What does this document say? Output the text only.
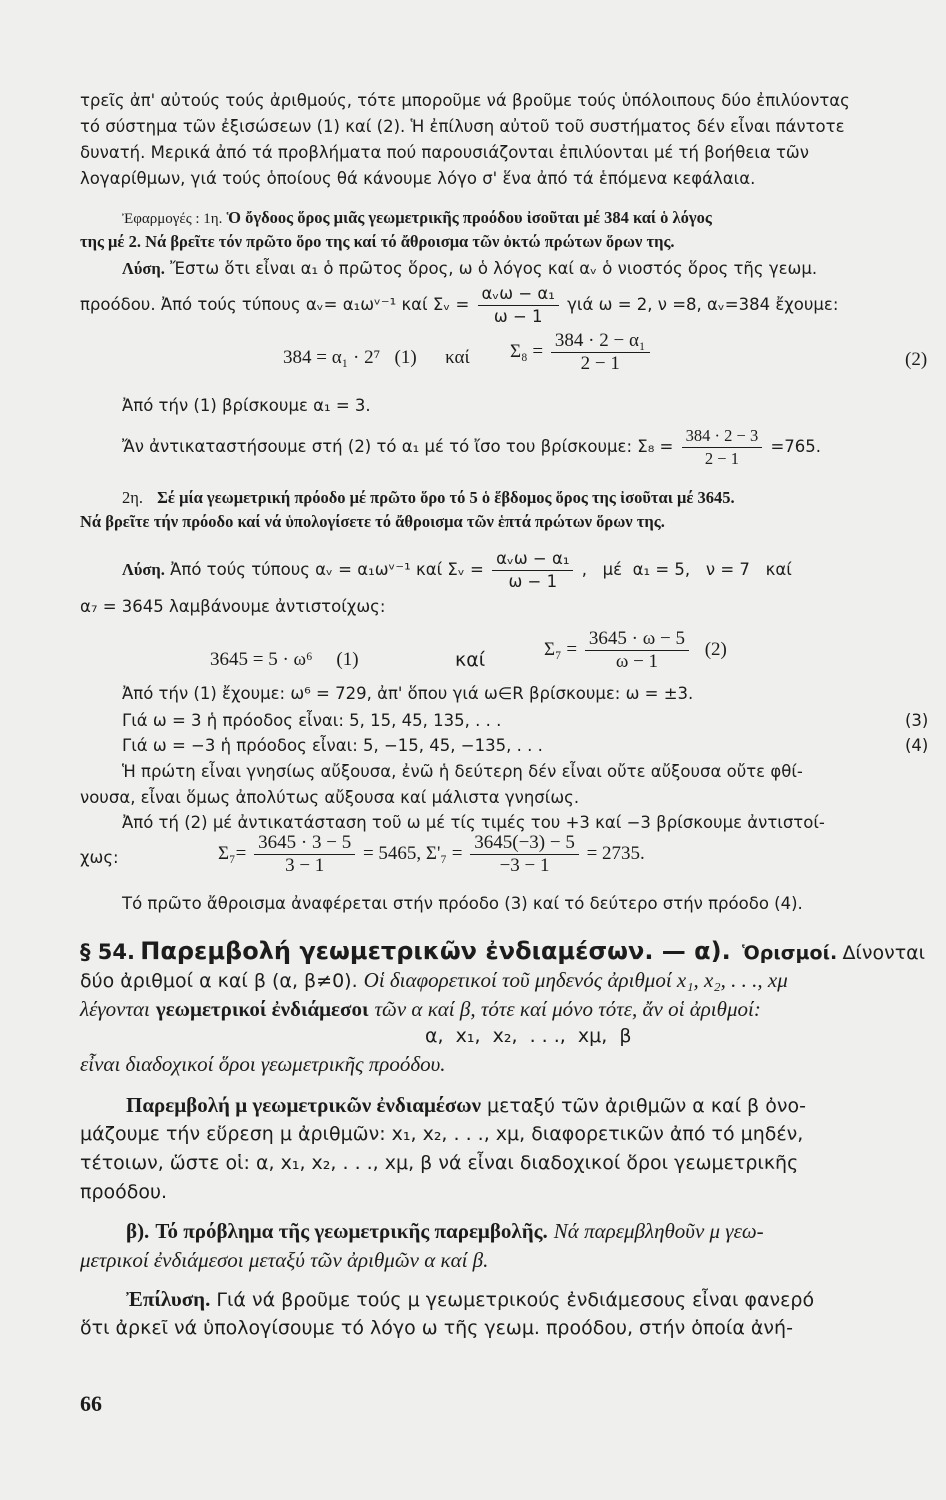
τρεῖς ἀπ' αὐτούς τούς ἀριθμούς, τότε μποροῦμε νά βροῦμε τούς ὑπόλοιπους δύο ἐπιλύοντας
τό σύστημα τῶν ἐξισώσεων (1) καί (2). Ἡ ἐπίλυση αὐτοῦ τοῦ συστήματος δέν εἶναι πάντοτε
δυνατή. Μερικά ἀπό τά προβλήματα πού παρουσιάζονται ἐπιλύονται μέ τή βοήθεια τῶν
λογαρίθμων, γιά τούς ὁποίους θά κάνουμε λόγο σ' ἕνα ἀπό τά ἑπόμενα κεφάλαια.
Ἐφαρμογές : 1η. Ὁ ὄγδοος ὅρος μιᾶς γεωμετρικῆς προόδου ἰσοῦται μέ 384 καί ὁ λόγος
της μέ 2. Νά βρεῖτε τόν πρῶτο ὅρο της καί τό ἄθροισμα τῶν ὀκτώ πρώτων ὅρων της.
Λύση. Ἔστω ὅτι εἶναι α₁ ὁ πρῶτος ὅρος, ω ὁ λόγος καί αᵥ ὁ νιοστός ὅρος τῆς γεωμ.
προόδου. Ἀπό τούς τύπους αᵥ= α₁ωᵛ⁻¹ καί Σᵥ = $\frac{\text{αᵥω − α₁}}{\omega - 1}$ γιά ω = 2, ν =8, αᵥ=384 ἔχουμε:
384 = α₁ · 2⁷   (1)      καί $\Sigma_8 = \frac{\text{384 · 2 − α₁}}{2 - 1}$	(2)
Ἀπό τήν (1) βρίσκουμε α₁ = 3.
Ἄν ἀντικαταστήσουμε στή (2) τό α₁ μέ τό ἴσο του βρίσκουμε: $\Sigma_8 = \frac{384 \cdot 2 - 3}{2 - 1} =765$.
2η. Σέ μία γεωμετρική πρόοδο μέ πρῶτο ὅρο τό 5 ὁ ἕβδομος ὅρος της ἰσοῦται μέ 3645.
Νά βρεῖτε τήν πρόοδο καί νά ὑπολογίσετε τό ἄθροισμα τῶν ἑπτά πρώτων ὅρων της.
Λύση. Ἀπό τούς τύπους αᵥ = α₁ωᵛ⁻¹ καί Σᵥ = $\frac{\text{αᵥω − α₁}}{\omega - 1}$ ,   μέ  α₁ = 5,   ν = 7   καί
α₇ = 3645 λαμβάνουμε ἀντιστοίχως:
3645 = 5 · ω⁶     (1)	καί	$\Sigma_7 = \frac{3645 \cdot \omega - 5}{\omega - 1} (2)$
Ἀπό τήν (1) ἔχουμε: ω⁶ = 729, ἀπ' ὅπου γιά ω∈R βρίσκουμε: ω = ±3.
Γιά ω = 3 ἡ πρόοδος εἶναι: 5, 15, 45, 135, . . .	(3)
Γιά ω = −3 ἡ πρόοδος εἶναι: 5, −15, 45, −135, . . .	(4)
Ἡ πρώτη εἶναι γνησίως αὔξουσα, ἐνῶ ἡ δεύτερη δέν εἶναι οὔτε αὔξουσα οὔτε φθί-
νουσα, εἶναι ὅμως ἀπολύτως αὔξουσα καί μάλιστα γνησίως.
Ἀπό τή (2) μέ ἀντικατάσταση τοῦ ω μέ τίς τιμές του +3 καί −3 βρίσκουμε ἀντιστοί-
χως:	$\Sigma_7= \frac{3645 \cdot 3 - 5}{3 - 1} = 5465$, $\Sigma'_7 = \frac{3645(-3) - 5}{-3 - 1} = 2735$.
Τό πρῶτο ἄθροισμα ἀναφέρεται στήν πρόοδο (3) καί τό δεύτερο στήν πρόοδο (4).
§ 54. Παρεμβολή γεωμετρικῶν ἐνδιαμέσων. — α). Ὁρισμοί. Δίνονται
δύο ἀριθμοί α καί β (α, β≠0). Οἱ διαφορετικοί τοῦ μηδενός ἀριθμοί x₁, x₂, . . ., xμ
λέγονται γεωμετρικοί ἐνδιάμεσοι τῶν α καί β, τότε καί μόνο τότε, ἄν οἱ ἀριθμοί:
α,  x₁,  x₂,  . . .,  xμ,  β
εἶναι διαδοχικοί ὅροι γεωμετρικῆς προόδου.
Παρεμβολή μ γεωμετρικῶν ἐνδιαμέσων μεταξύ τῶν ἀριθμῶν α καί β ὀνο-
μάζουμε τήν εὕρεση μ ἀριθμῶν: x₁, x₂, . . ., xμ, διαφορετικῶν ἀπό τό μηδέν,
τέτοιων, ὥστε οἱ: α, x₁, x₂, . . ., xμ, β νά εἶναι διαδοχικοί ὅροι γεωμετρικῆς
προόδου.
β). Τό πρόβλημα τῆς γεωμετρικῆς παρεμβολῆς. Νά παρεμβληθοῦν μ γεω-
μετρικοί ἐνδιάμεσοι μεταξύ τῶν ἀριθμῶν α καί β.
Ἐπίλυση. Γιά νά βροῦμε τούς μ γεωμετρικούς ἐνδιάμεσους εἶναι φανερό
ὅτι ἀρκεῖ νά ὑπολογίσουμε τό λόγο ω τῆς γεωμ. προόδου, στήν ὁποία ἀνή-
66
